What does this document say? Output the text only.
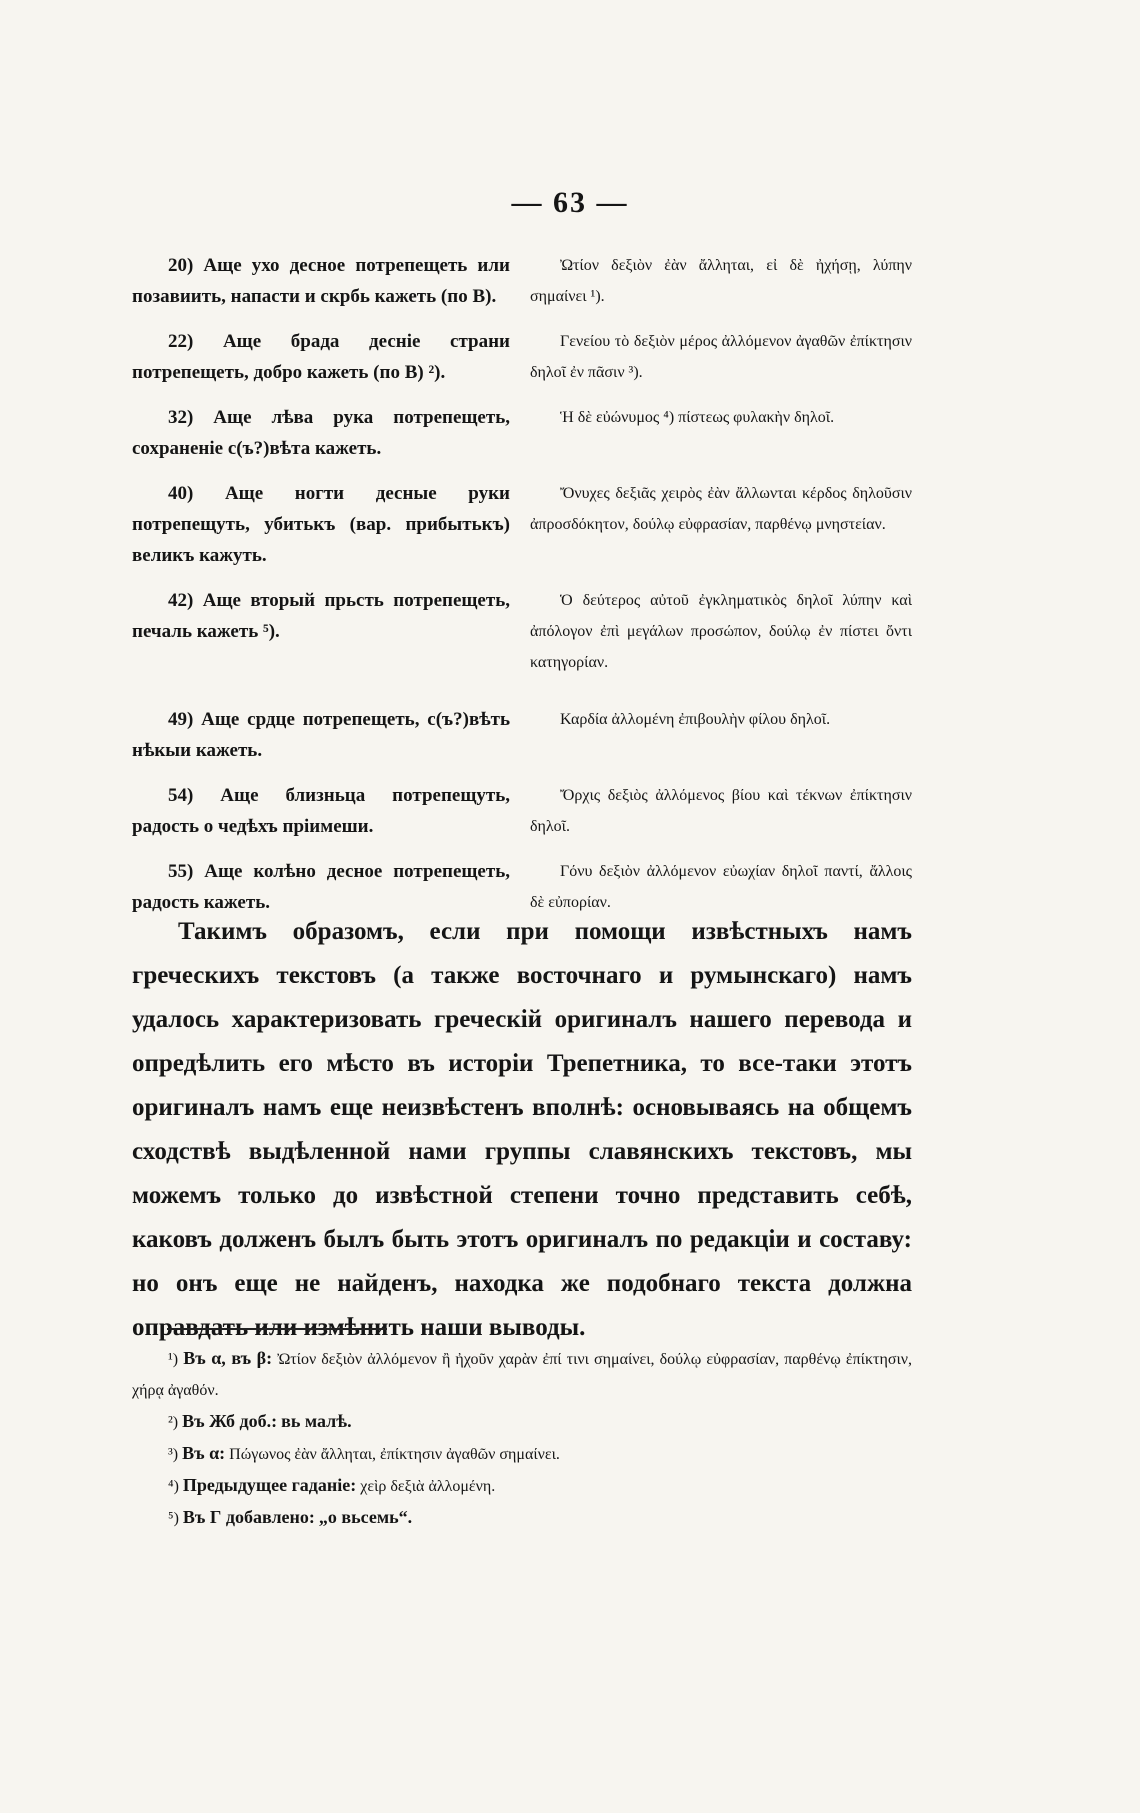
— 63 —
20) Аще ухо десное потрепещеть или позавиить, напасти и скрбь кажеть (по В).
Ὠτίον δεξιὸν ἐὰν ἄλληται, εἰ δὲ ἠχήσῃ, λύπην σημαίνει ¹).
22) Аще брада десніе страни потрепещеть, добро кажеть (по В) ²).
Γενείου τὸ δεξιὸν μέρος ἀλλόμενον ἀγαθῶν ἐπίκτησιν δηλοῖ ἐν πᾶσιν ³).
32) Аще лѣва рука потрепещеть, сохраненіе с(ъ?)вѣта кажеть.
Ἡ δὲ εὐώνυμος ⁴) πίστεως φυλακὴν δηλοῖ.
40) Аще ногти десные руки потрепещуть, убитькъ (вар. прибытькъ) великъ кажуть.
Ὄνυχες δεξιᾶς χειρὸς ἐὰν ἄλλωνται κέρδος δηλοῦσιν ἀπροσδόκητον, δούλῳ εὐφρασίαν, παρθένῳ μνηστείαν.
42) Аще вторый прьсть потрепещеть, печаль кажеть ⁵).
Ὁ δεύτερος αὐτοῦ ἐγκληματικὸς δηλοῖ λύπην καὶ ἀπόλογον ἐπὶ μεγάλων προσώπον, δούλῳ ἐν πίστει ὄντι κατηγορίαν.
49) Аще срдце потрепещеть, с(ъ?)вѣть нѣкыи кажеть.
Καρδία ἀλλομένη ἐπιβουλὴν φίλου δηλοῖ.
54) Аще близньца потрепещуть, радость о чедѣхъ пріимеши.
Ὄρχις δεξιὸς ἀλλόμενος βίου καὶ τέκνων ἐπίκτησιν δηλοῖ.
55) Аще колѣно десное потрепещеть, радость кажеть.
Γόνυ δεξιὸν ἀλλόμενον εὐωχίαν δηλοῖ παντί, ἄλλοις δὲ εὐπορίαν.

Такимъ образомъ, если при помощи извѣстныхъ намъ греческихъ текстовъ (а также восточнаго и румынскаго) намъ удалось характеризовать греческій оригиналъ нашего перевода и опредѣлить его мѣсто въ исторіи Трепетника, то все-таки этотъ оригиналъ намъ еще неизвѣстенъ вполнѣ: основываясь на общемъ сходствѣ выдѣленной нами группы славянскихъ текстовъ, мы можемъ только до извѣстной степени точно представить себѣ, каковъ долженъ былъ быть этотъ оригиналъ по редакціи и составу: но онъ еще не найденъ, находка же подобнаго текста должна оправдать или измѣнить наши выводы.

¹) Въ α, въ β: Ὠτίον δεξιὸν ἀλλόμενον ἢ ἠχοῦν χαρὰν ἐπί τινι σημαίνει, δούλῳ εὐφρασίαν, παρθένῳ ἐπίκτησιν, χήρᾳ ἀγαθόν.
²) Въ Жб доб.: вь малѣ.
³) Въ α: Πώγωνος ἐὰν ἄλληται, ἐπίκτησιν ἀγαθῶν σημαίνει.
⁴) Предыдущее гаданіе: χεὶρ δεξιὰ ἀλλομένη.
⁵) Въ Г добавлено: „о вьсемь“.
